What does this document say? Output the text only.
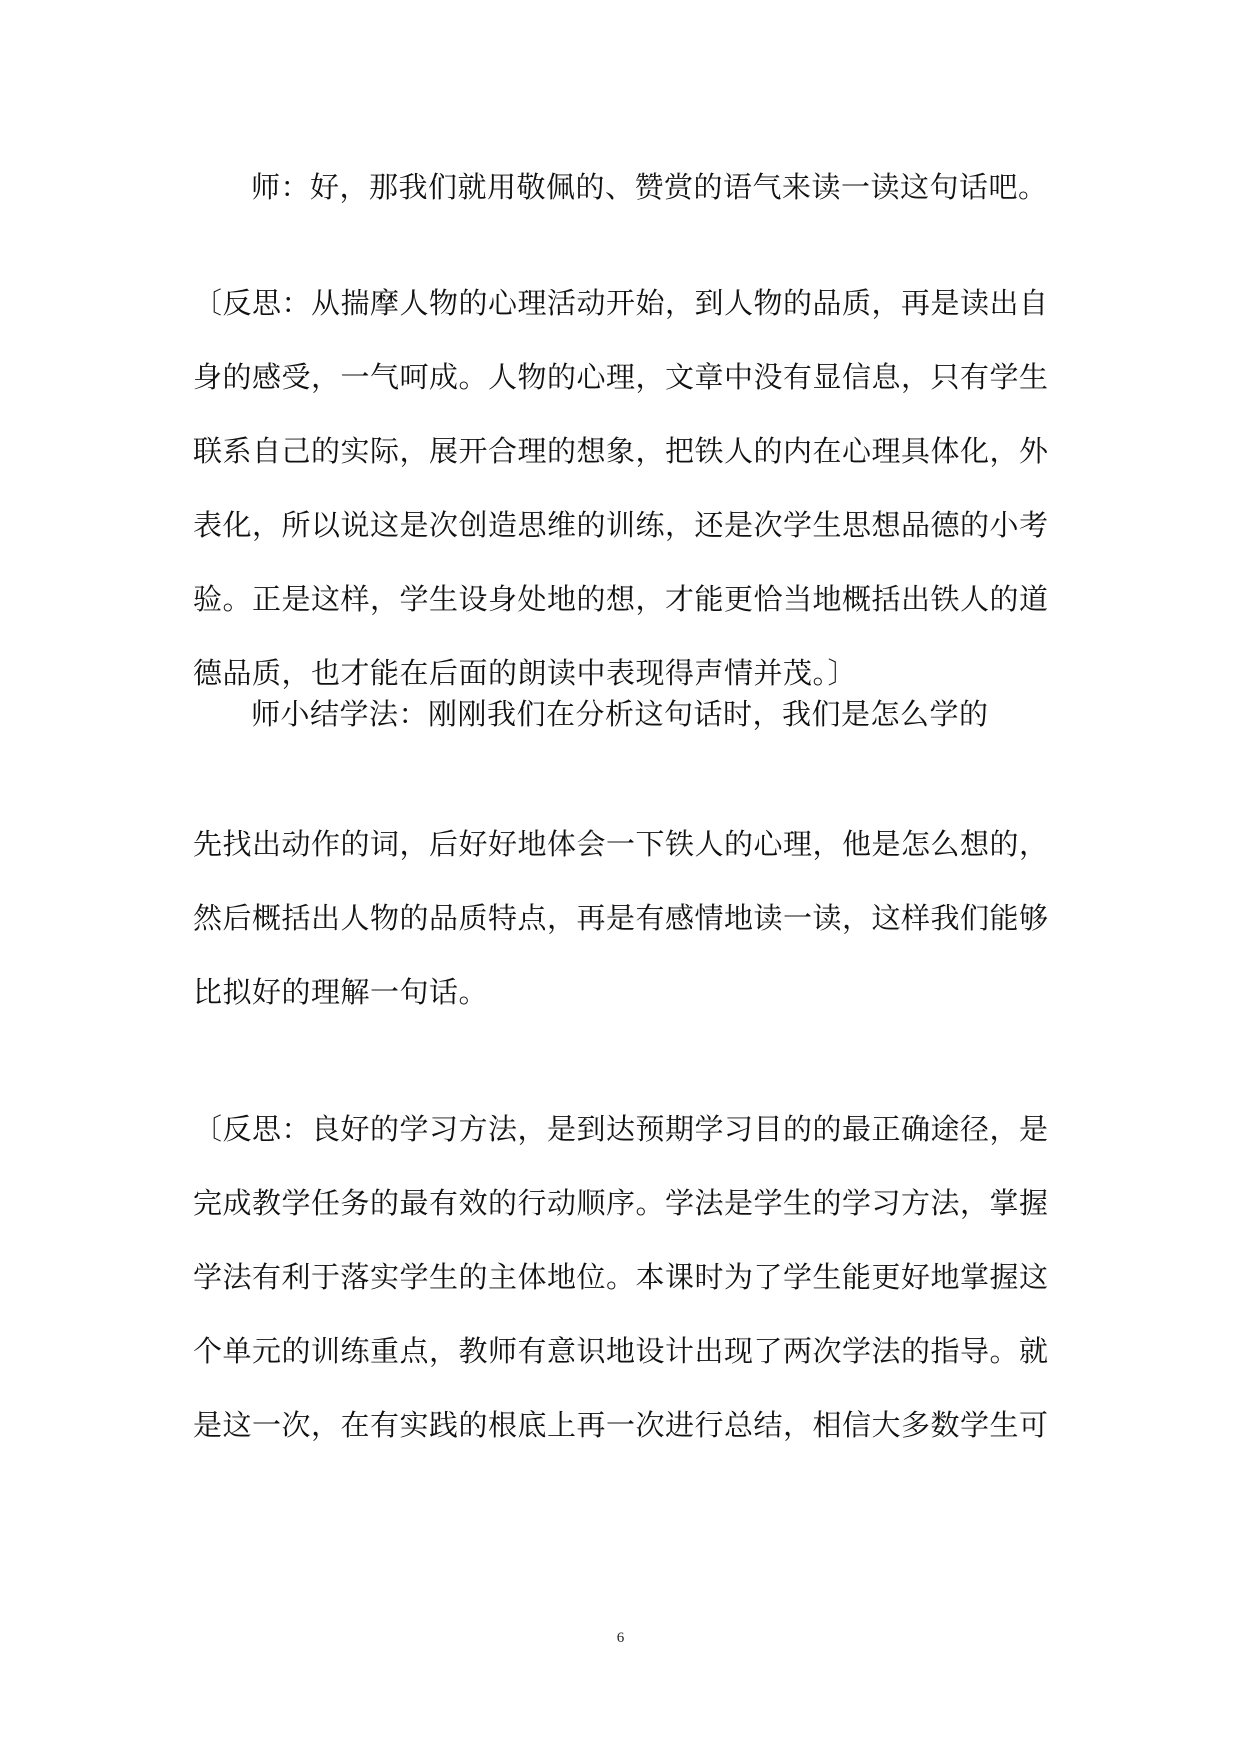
师：好，那我们就用敬佩的、赞赏的语气来读一读这句话吧。

〔反思：从揣摩人物的心理活动开始，到人物的品质，再是读出自
身的感受，一气呵成。人物的心理，文章中没有显信息，只有学生
联系自己的实际，展开合理的想象，把铁人的内在心理具体化，外
表化，所以说这是次创造思维的训练，还是次学生思想品德的小考
验。正是这样，学生设身处地的想，才能更恰当地概括出铁人的道
德品质，也才能在后面的朗读中表现得声情并茂。〕

师小结学法：刚刚我们在分析这句话时，我们是怎么学的

先找出动作的词，后好好地体会一下铁人的心理，他是怎么想的，
然后概括出人物的品质特点，再是有感情地读一读，这样我们能够
比拟好的理解一句话。

〔反思：良好的学习方法，是到达预期学习目的的最正确途径，是
完成教学任务的最有效的行动顺序。学法是学生的学习方法，掌握
学法有利于落实学生的主体地位。本课时为了学生能更好地掌握这
个单元的训练重点，教师有意识地设计出现了两次学法的指导。就
是这一次，在有实践的根底上再一次进行总结，相信大多数学生可

6
